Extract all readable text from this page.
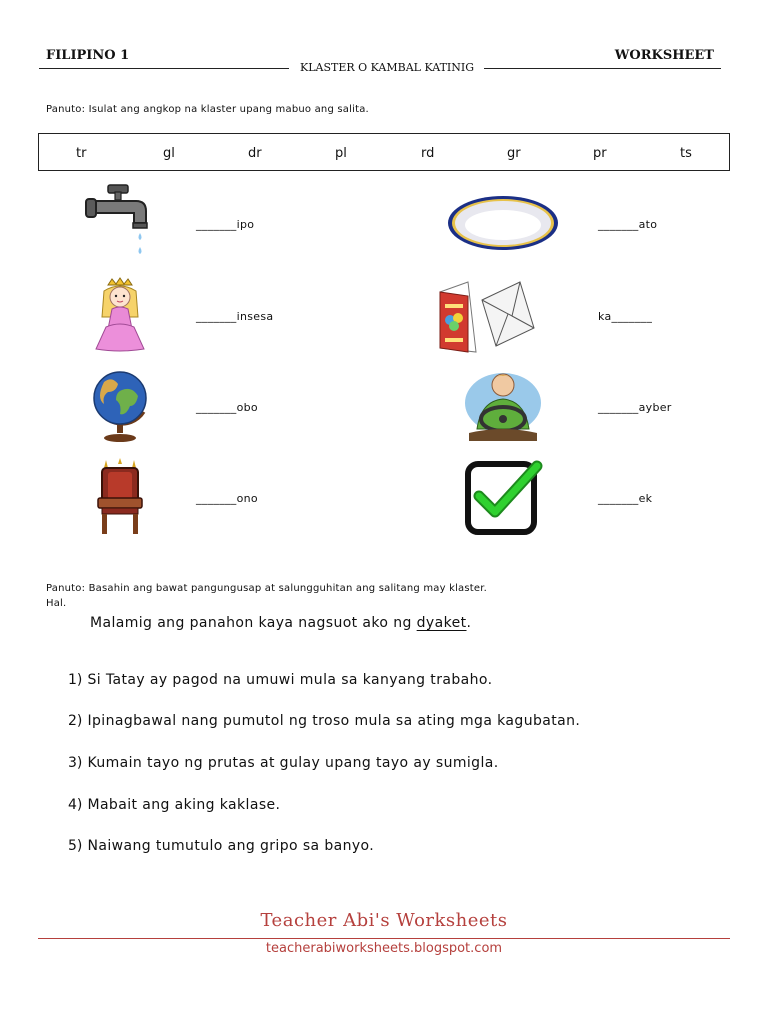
FILIPINO 1	WORKSHEET
KLASTER O KAMBAL KATINIG
Panuto: Isulat ang angkop na klaster upang mabuo ang salita.
tr	gl	dr	pl	rd	gr	pr	ts
_______ipo
_______insesa
_______obo
_______ono
_______ato
ka_______
_______ayber
_______ek
Panuto: Basahin ang bawat pangungusap at salungguhitan ang salitang may klaster.
Hal.
Malamig ang panahon kaya nagsuot ako ng dyaket.
1) Si Tatay ay pagod na umuwi mula sa kanyang trabaho.
2) Ipinagbawal nang pumutol ng troso mula sa ating mga kagubatan.
3) Kumain tayo ng prutas at gulay upang tayo ay sumigla.
4) Mabait ang aking kaklase.
5) Naiwang tumutulo ang gripo sa banyo.
Teacher Abi's Worksheets
teacherabiworksheets.blogspot.com
